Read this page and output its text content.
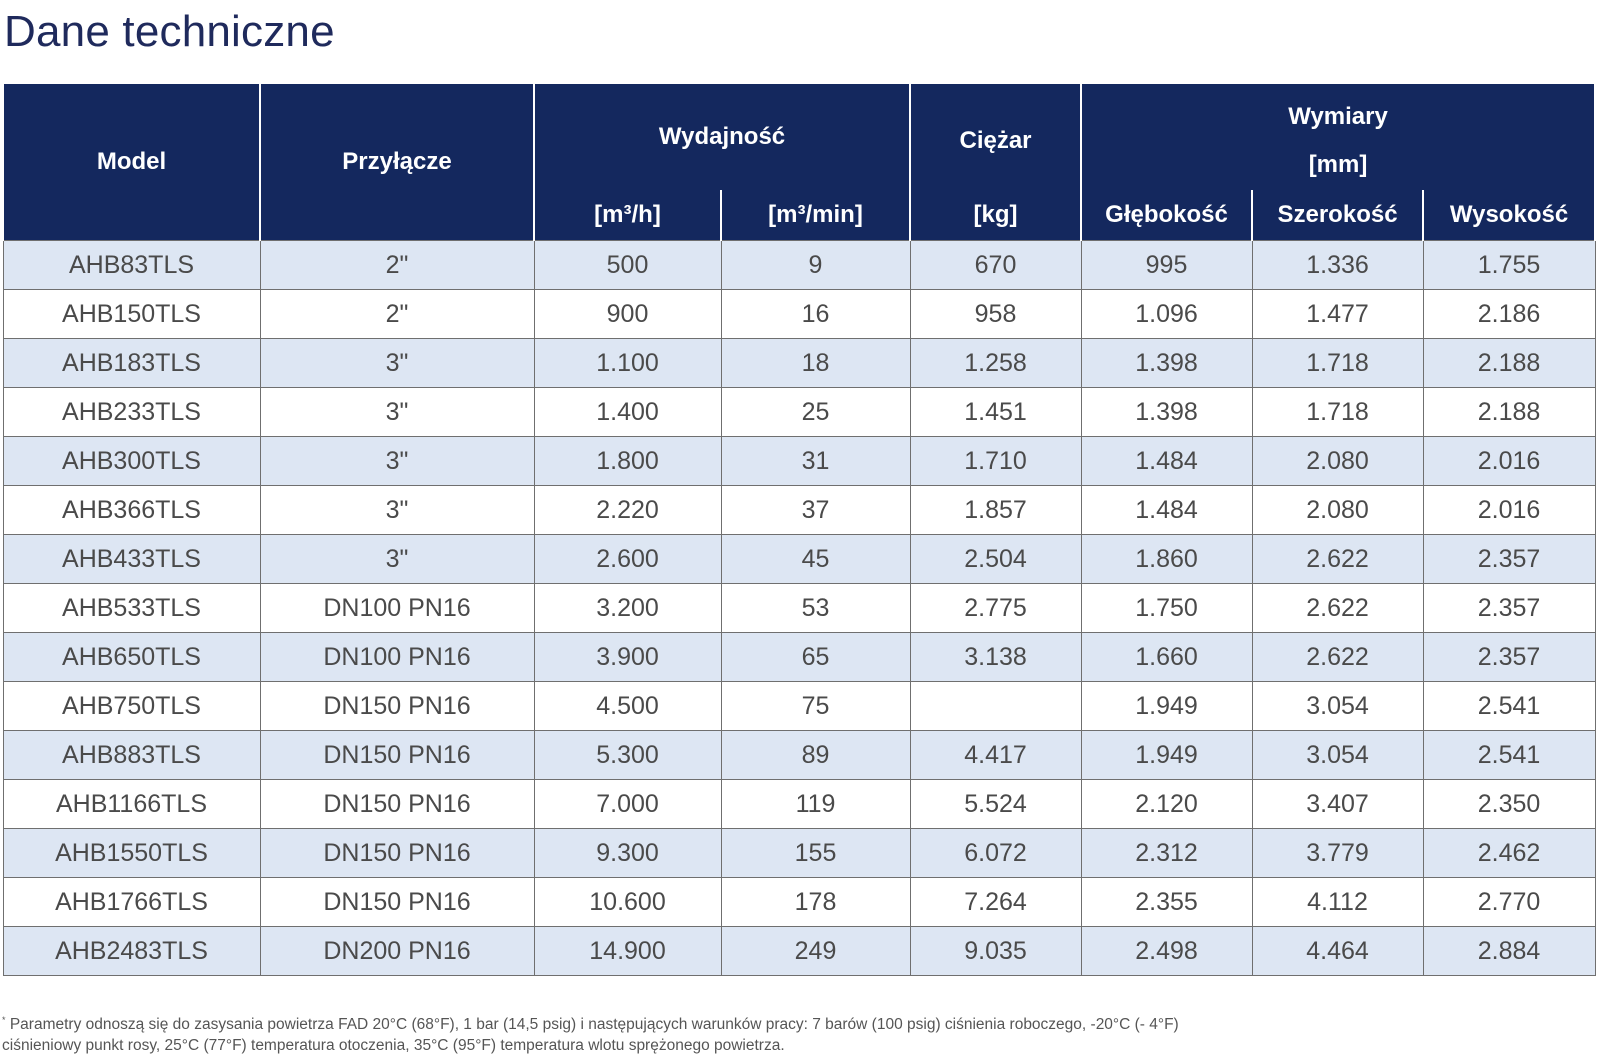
Dane techniczne
Model	Przyłącze	Wydajność		Ciężar	Wymiary
[mm]		

		[m³/h]	[m³/min]	[kg]	Głębokość	Szerokość	Wysokość
AHB83TLS	2"	500	9	670	995	1.336	1.755
AHB150TLS	2"	900	16	958	1.096	1.477	2.186
AHB183TLS	3"	1.100	18	1.258	1.398	1.718	2.188
AHB233TLS	3"	1.400	25	1.451	1.398	1.718	2.188
AHB300TLS	3"	1.800	31	1.710	1.484	2.080	2.016
AHB366TLS	3"	2.220	37	1.857	1.484	2.080	2.016
AHB433TLS	3"	2.600	45	2.504	1.860	2.622	2.357
AHB533TLS	DN100 PN16	3.200	53	2.775	1.750	2.622	2.357
AHB650TLS	DN100 PN16	3.900	65	3.138	1.660	2.622	2.357
AHB750TLS	DN150 PN16	4.500	75		1.949	3.054	2.541
AHB883TLS	DN150 PN16	5.300	89	4.417	1.949	3.054	2.541
AHB1166TLS	DN150 PN16	7.000	119	5.524	2.120	3.407	2.350
AHB1550TLS	DN150 PN16	9.300	155	6.072	2.312	3.779	2.462
AHB1766TLS	DN150 PN16	10.600	178	7.264	2.355	4.112	2.770
AHB2483TLS	DN200 PN16	14.900	249	9.035	2.498	4.464	2.884
* Parametry odnoszą się do zasysania powietrza FAD 20°C (68°F), 1 bar (14,5 psig) i następujących warunków pracy: 7 barów (100 psig) ciśnienia roboczego, -20°C (- 4°F)
ciśnieniowy punkt rosy, 25°C (77°F) temperatura otoczenia, 35°C (95°F) temperatura wlotu sprężonego powietrza.
